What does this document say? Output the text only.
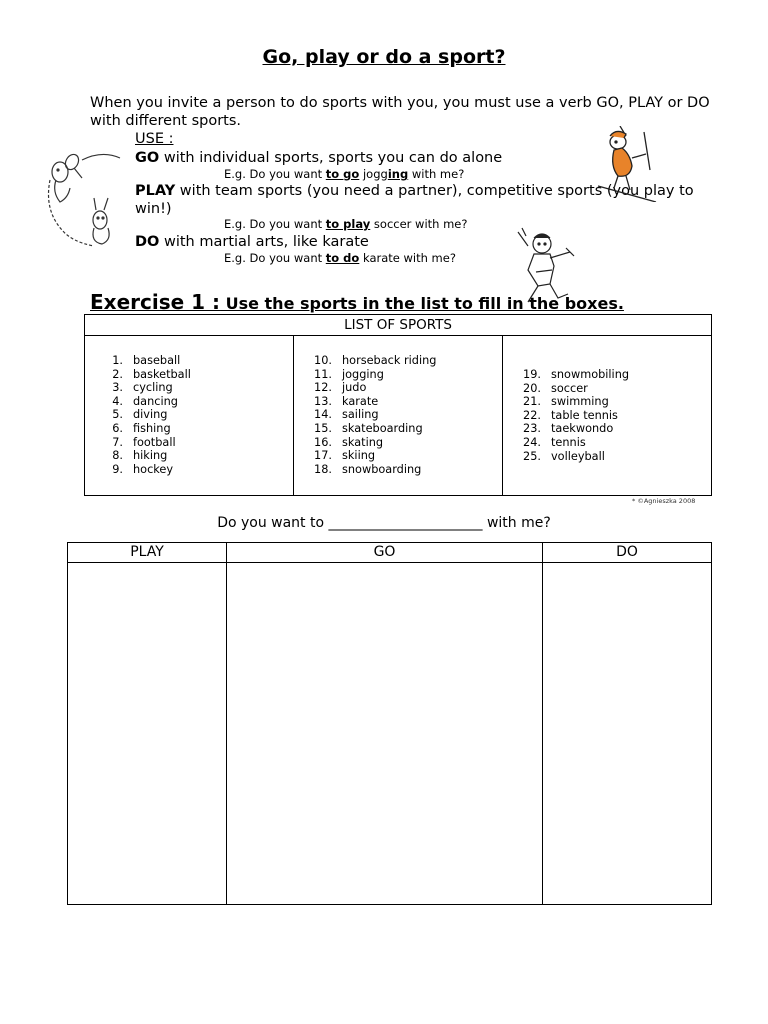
Go, play or do a sport?
When you invite a person to do sports with you, you must use a verb GO, PLAY or DO with different sports.
USE :
GO with individual sports, sports you can do alone
E.g. Do you want to go jogging with me?
PLAY with team sports (you need a partner), competitive sports (you play to win!)
E.g. Do you want to play soccer with me?
DO with martial arts, like karate
E.g. Do you want to do karate with me?
Exercise 1 : Use the sports in the list to fill in the boxes.
LIST OF SPORTS
1. baseball
2. basketball
3. cycling
4. dancing
5. diving
6. fishing
7. football
8. hiking
9. hockey
10. horseback riding
11. jogging
12. judo
13. karate
14. sailing
15. skateboarding
16. skating
17. skiing
18. snowboarding
19. snowmobiling
20. soccer
21. swimming
22. table tennis
23. taekwondo
24. tennis
25. volleyball
* ©Agnieszka 2008
Do you want to ______________________ with me?
PLAY	GO	DO
